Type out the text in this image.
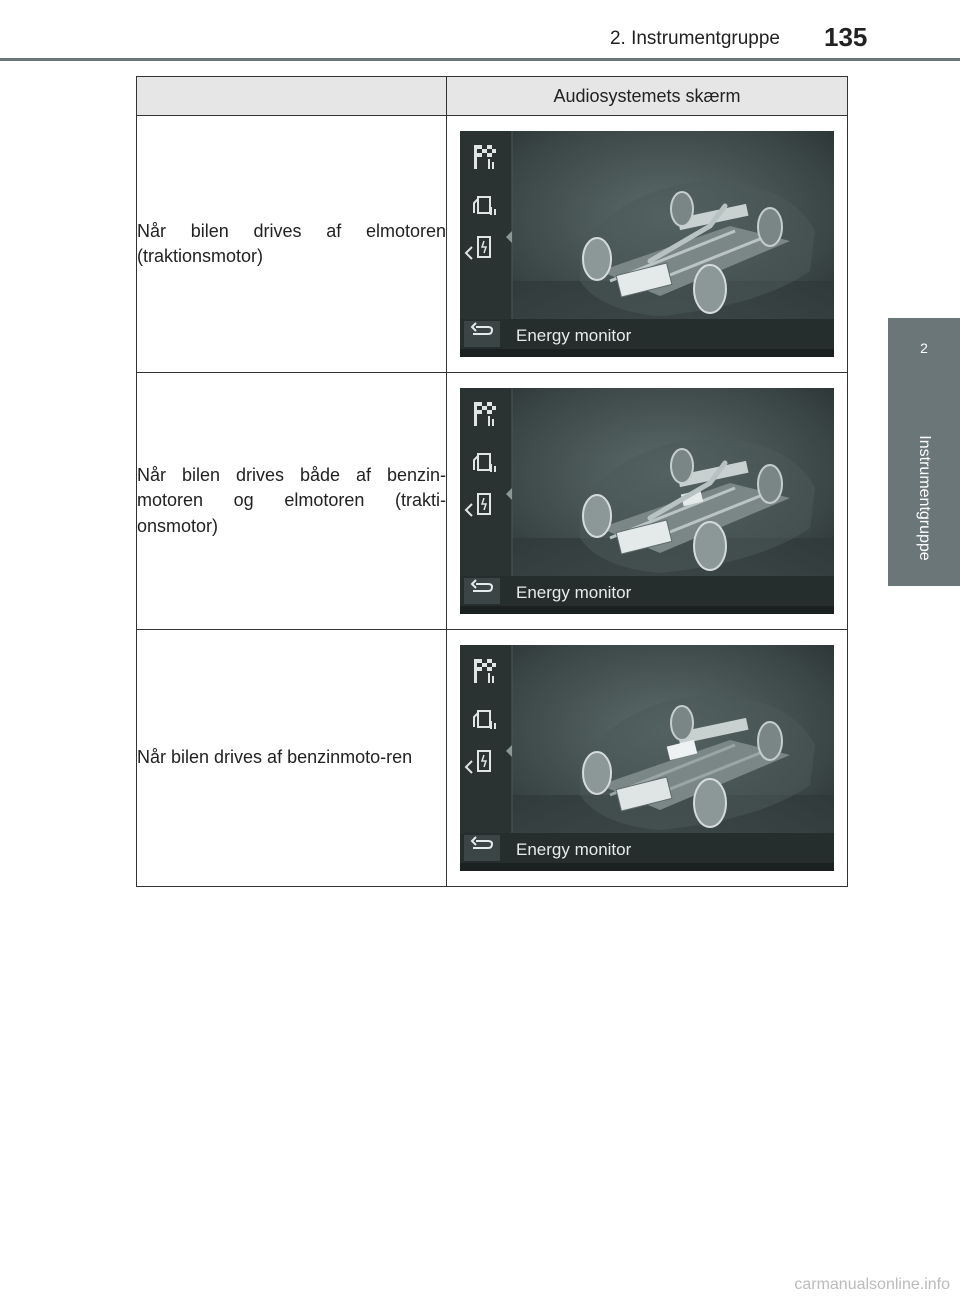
2. Instrumentgruppe 135
2
Instrumentgruppe
	Audiosystemets skærm
Når bilen drives af elmotoren (traktionsmotor)	Energy monitor

Når bilen drives både af benzin-motoren og elmotoren (trakti-onsmotor)	Energy monitor

Når bilen drives af benzinmoto-ren	Energy monitor
carmanualsonline.info
